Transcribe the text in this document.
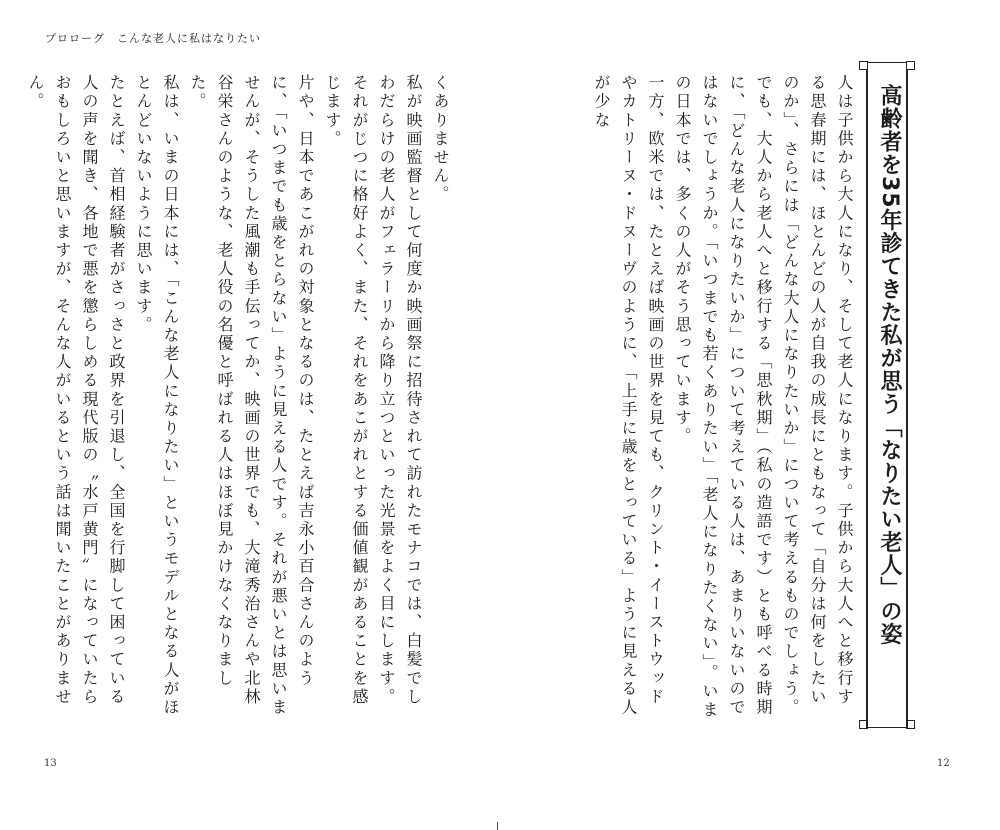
プロローグ　こんな老人に私はなりたい
高齢者を35年診てきた私が思う「なりたい老人」の姿

人は子供から大人になり、そして老人になります。子供から大人へと移行する思春期には、ほとんどの人が自我の成長にともなって「自分は何をしたいのか」、さらには「どんな大人になりたいか」について考えるものでしょう。

でも、大人から老人へと移行する「思秋期」（私の造語です）とも呼べる時期に、「どんな老人になりたいか」について考えている人は、あまりいないのではないでしょうか。「いつまでも若くありたい」「老人になりたくない」。いまの日本では、多くの人がそう思っています。

一方、欧米では、たとえば映画の世界を見ても、クリント・イーストウッドやカトリーヌ・ドヌーヴのように、「上手に歳をとっている」ように見える人が少な

くありません。

私が映画監督として何度か映画祭に招待されて訪れたモナコでは、白髪でしわだらけの老人がフェラーリから降り立つといった光景をよく目にします。それがじつに格好よく、また、それをあこがれとする価値観があることを感じます。

片や、日本であこがれの対象となるのは、たとえば吉永小百合さんのように、「いつまでも歳をとらない」ように見える人です。それが悪いとは思いませんが、そうした風潮も手伝ってか、映画の世界でも、大滝秀治さんや北林谷栄さんのような、老人役の名優と呼ばれる人はほぼ見かけなくなりました。

私は、いまの日本には、「こんな老人になりたい」というモデルとなる人がほとんどいないように思います。

たとえば、首相経験者がさっさと政界を引退し、全国を行脚して困っている人の声を聞き、各地で悪を懲らしめる現代版の〝水戸黄門〟になっていたらおもしろいと思いますが、そんな人がいるという話は聞いたことがありません。

13	12
